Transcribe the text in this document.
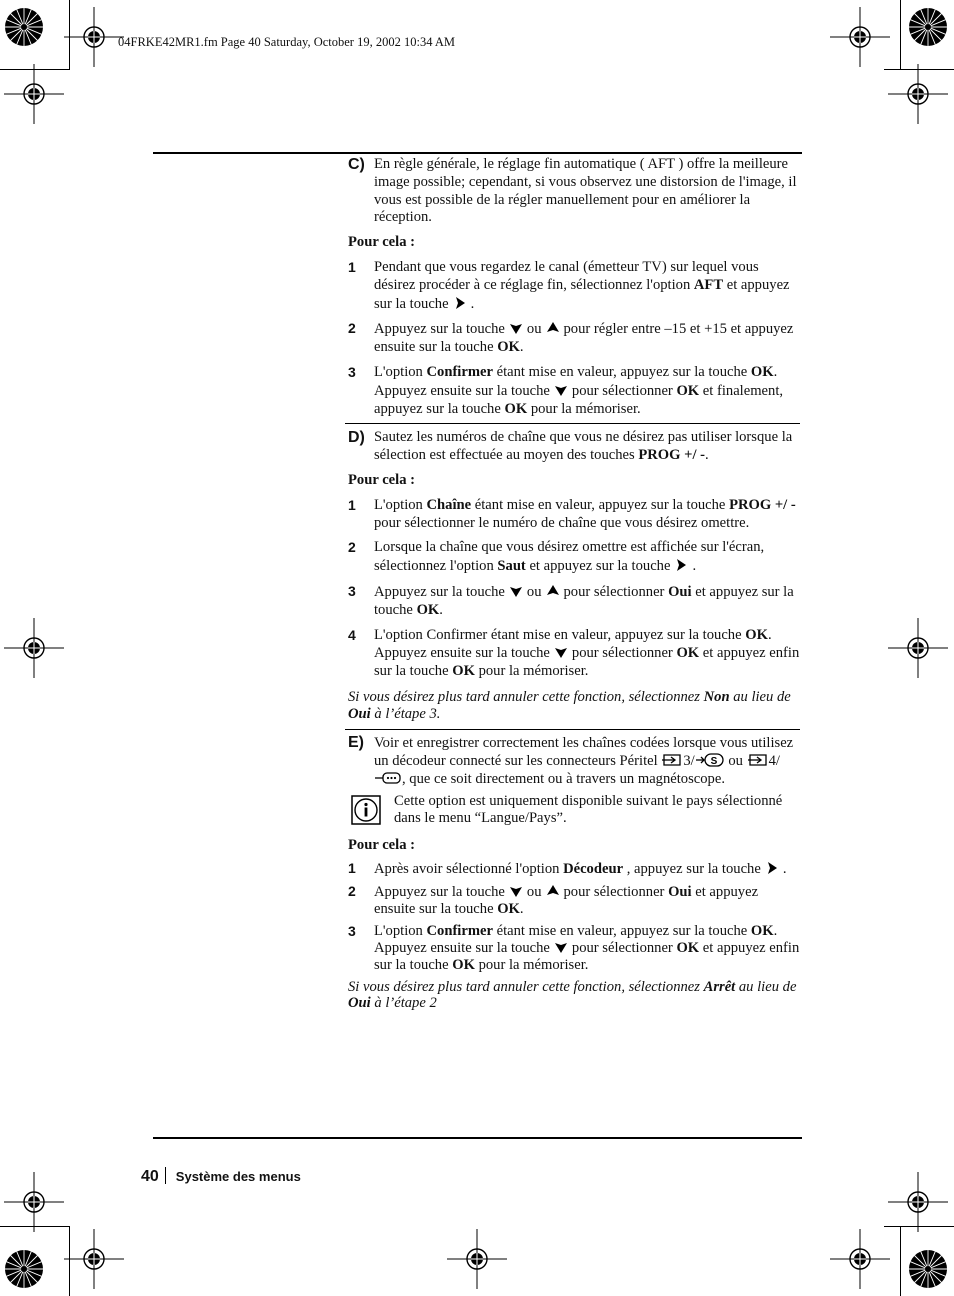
04FRKE42MR1.fm Page 40 Saturday, October 19, 2002 10:34 AM
C) En règle générale, le réglage fin automatique ( AFT ) offre la meilleure image possible; cependant, si vous observez une distorsion de l'image, il vous est possible de la régler manuellement pour en améliorer la réception.

Pour cela :
1 Pendant que vous regardez le canal (émetteur TV) sur lequel vous désirez procéder à ce réglage fin, sélectionnez l'option AFT et appuyez sur la touche .
2 Appuyez sur la touche ou pour régler entre –15 et +15 et appuyez ensuite sur la touche OK.
3 L'option Confirmer étant mise en valeur, appuyez sur la touche OK. Appuyez ensuite sur la touche pour sélectionner OK et finalement, appuyez sur la touche OK pour la mémoriser.
D) Sautez les numéros de chaîne que vous ne désirez pas utiliser lorsque la sélection est effectuée au moyen des touches PROG +/ -.

Pour cela :
1 L'option Chaîne étant mise en valeur, appuyez sur la touche PROG +/ - pour sélectionner le numéro de chaîne que vous désirez omettre.
2 Lorsque la chaîne que vous désirez omettre est affichée sur l'écran, sélectionnez l'option Saut et appuyez sur la touche .
3 Appuyez sur la touche ou pour sélectionner Oui et appuyez sur la touche OK.
4 L'option Confirmer étant mise en valeur, appuyez sur la touche OK. Appuyez ensuite sur la touche pour sélectionner OK et appuyez enfin sur la touche OK pour la mémoriser.
Si vous désirez plus tard annuler cette fonction, sélectionnez Non au lieu de Oui à l’étape 3.
E) Voir et enregistrer correctement les chaînes codées lorsque vous utilisez un décodeur connecté sur les connecteurs Péritel 3/ S ou 4/, que ce soit directement ou à travers un magnétoscope.

Cette option est uniquement disponible suivant le pays sélectionné dans le menu “Langue/Pays”.
Pour cela :
1 Après avoir sélectionné l'option Décodeur , appuyez sur la touche .
2 Appuyez sur la touche ou pour sélectionner Oui et appuyez ensuite sur la touche OK.
3 L'option Confirmer étant mise en valeur, appuyez sur la touche OK. Appuyez ensuite sur la touche pour sélectionner OK et appuyez enfin sur la touche OK pour la mémoriser.
Si vous désirez plus tard annuler cette fonction, sélectionnez Arrêt au lieu de Oui à l’étape 2
40 Système des menus
